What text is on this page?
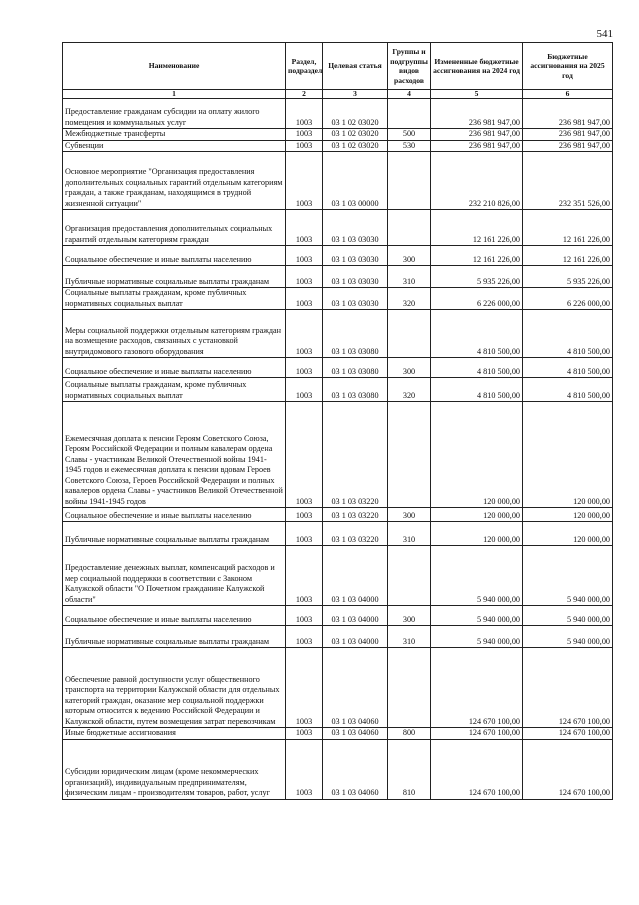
541
Наименование	Раздел, подраздел	Целевая статья	Группы и подгруппы видов расходов	Измененные бюджетные ассигнования на 2024 год	Бюджетные ассигнования на 2025 год
1	2	3	4	5	6
Предоставление гражданам субсидии на оплату жилого помещения и коммунальных услуг	1003	03 1 02 03020		236 981 947,00	236 981 947,00
Межбюджетные трансферты	1003	03 1 02 03020	500	236 981 947,00	236 981 947,00
Субвенции	1003	03 1 02 03020	530	236 981 947,00	236 981 947,00
Основное мероприятие "Организация предоставления дополнительных социальных гарантий отдельным категориям граждан, а также гражданам, находящимся в трудной жизненной ситуации"	1003	03 1 03 00000		232 210 826,00	232 351 526,00
Организация предоставления дополнительных социальных гарантий отдельным категориям граждан	1003	03 1 03 03030		12 161 226,00	12 161 226,00
Социальное обеспечение и иные выплаты населению	1003	03 1 03 03030	300	12 161 226,00	12 161 226,00
Публичные нормативные социальные выплаты гражданам	1003	03 1 03 03030	310	5 935 226,00	5 935 226,00
Социальные выплаты гражданам, кроме публичных нормативных социальных выплат	1003	03 1 03 03030	320	6 226 000,00	6 226 000,00
Меры социальной поддержки отдельным категориям граждан на возмещение расходов, связанных с установкой внутридомового газового оборудования	1003	03 1 03 03080		4 810 500,00	4 810 500,00
Социальное обеспечение и иные выплаты населению	1003	03 1 03 03080	300	4 810 500,00	4 810 500,00
Социальные выплаты гражданам, кроме публичных нормативных социальных выплат	1003	03 1 03 03080	320	4 810 500,00	4 810 500,00
Ежемесячная доплата к пенсии Героям Советского Союза, Героям Российской Федерации и полным кавалерам ордена Славы - участникам Великой Отечественной войны 1941-1945 годов и ежемесячная доплата к пенсии вдовам Героев Советского Союза, Героев Российской Федерации и полных кавалеров ордена Славы - участников Великой Отечественной войны 1941-1945 годов	1003	03 1 03 03220		120 000,00	120 000,00
Социальное обеспечение и иные выплаты населению	1003	03 1 03 03220	300	120 000,00	120 000,00
Публичные нормативные социальные выплаты гражданам	1003	03 1 03 03220	310	120 000,00	120 000,00
Предоставление денежных выплат, компенсаций расходов и мер социальной поддержки в соответствии с Законом Калужской области "О Почетном гражданине Калужской области"	1003	03 1 03 04000		5 940 000,00	5 940 000,00
Социальное обеспечение и иные выплаты населению	1003	03 1 03 04000	300	5 940 000,00	5 940 000,00
Публичные нормативные социальные выплаты гражданам	1003	03 1 03 04000	310	5 940 000,00	5 940 000,00
Обеспечение равной доступности услуг общественного транспорта на территории Калужской области для отдельных категорий граждан, оказание мер социальной поддержки которым относится к ведению Российской Федерации и Калужской области, путем возмещения затрат перевозчикам	1003	03 1 03 04060		124 670 100,00	124 670 100,00
Иные бюджетные ассигнования	1003	03 1 03 04060	800	124 670 100,00	124 670 100,00
Субсидии юридическим лицам (кроме некоммерческих организаций), индивидуальным предпринимателям, физическим лицам - производителям товаров, работ, услуг	1003	03 1 03 04060	810	124 670 100,00	124 670 100,00
